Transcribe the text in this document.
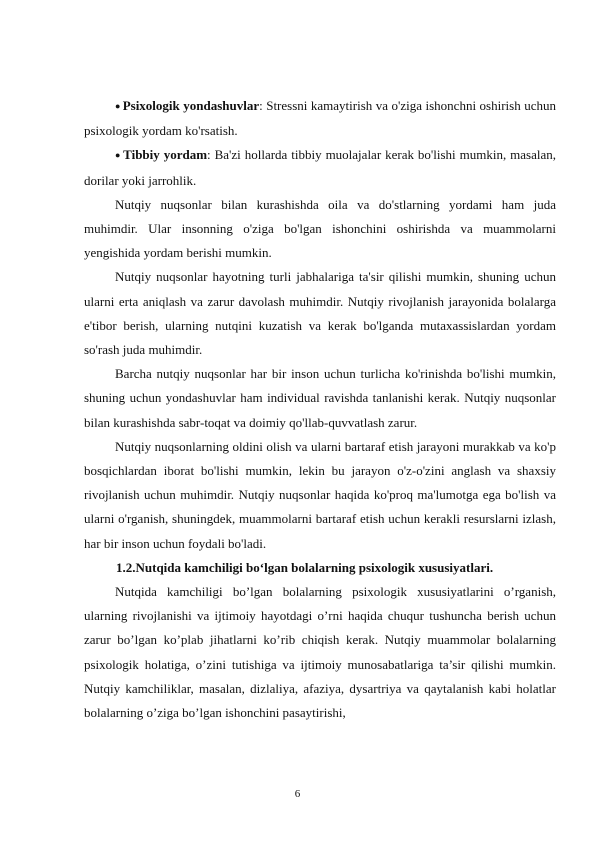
● Psixologik yondashuvlar: Stressni kamaytirish va o'ziga ishonchni oshirish uchun psixologik yordam ko'rsatish.

● Tibbiy yordam: Ba'zi hollarda tibbiy muolajalar kerak bo'lishi mumkin, masalan, dorilar yoki jarrohlik.

Nutqiy nuqsonlar bilan kurashishda oila va do'stlarning yordami ham juda muhimdir. Ular insonning o'ziga bo'lgan ishonchini oshirishda va muammolarni yengishida yordam berishi mumkin.

Nutqiy nuqsonlar hayotning turli jabhalariga ta'sir qilishi mumkin, shuning uchun ularni erta aniqlash va zarur davolash muhimdir. Nutqiy rivojlanish jarayonida bolalarga e'tibor berish, ularning nutqini kuzatish va kerak bo'lganda mutaxassislardan yordam so'rash juda muhimdir.

Barcha nutqiy nuqsonlar har bir inson uchun turlicha ko'rinishda bo'lishi mumkin, shuning uchun yondashuvlar ham individual ravishda tanlanishi kerak. Nutqiy nuqsonlar bilan kurashishda sabr-toqat va doimiy qo'llab-quvvatlash zarur.

Nutqiy nuqsonlarning oldini olish va ularni bartaraf etish jarayoni murakkab va ko'p bosqichlardan iborat bo'lishi mumkin, lekin bu jarayon o'z-o'zini anglash va shaxsiy rivojlanish uchun muhimdir. Nutqiy nuqsonlar haqida ko'proq ma'lumotga ega bo'lish va ularni o'rganish, shuningdek, muammolarni bartaraf etish uchun kerakli resurslarni izlash, har bir inson uchun foydali bo'ladi.

1.2.Nutqida kamchiligi bo‘lgan bolalarning psixologik xususiyatlari.

Nutqida kamchiligi bo’lgan bolalarning psixologik xususiyatlarini o’rganish, ularning rivojlanishi va ijtimoiy hayotdagi o’rni haqida chuqur tushuncha berish uchun zarur bo’lgan ko’plab jihatlarni ko’rib chiqish kerak. Nutqiy muammolar bolalarning psixologik holatiga, o’zini tutishiga va ijtimoiy munosabatlariga ta’sir qilishi mumkin. Nutqiy kamchiliklar, masalan, dizlaliya, afaziya, dysartriya va qaytalanish kabi holatlar bolalarning o’ziga bo’lgan ishonchini pasaytirishi,

6
